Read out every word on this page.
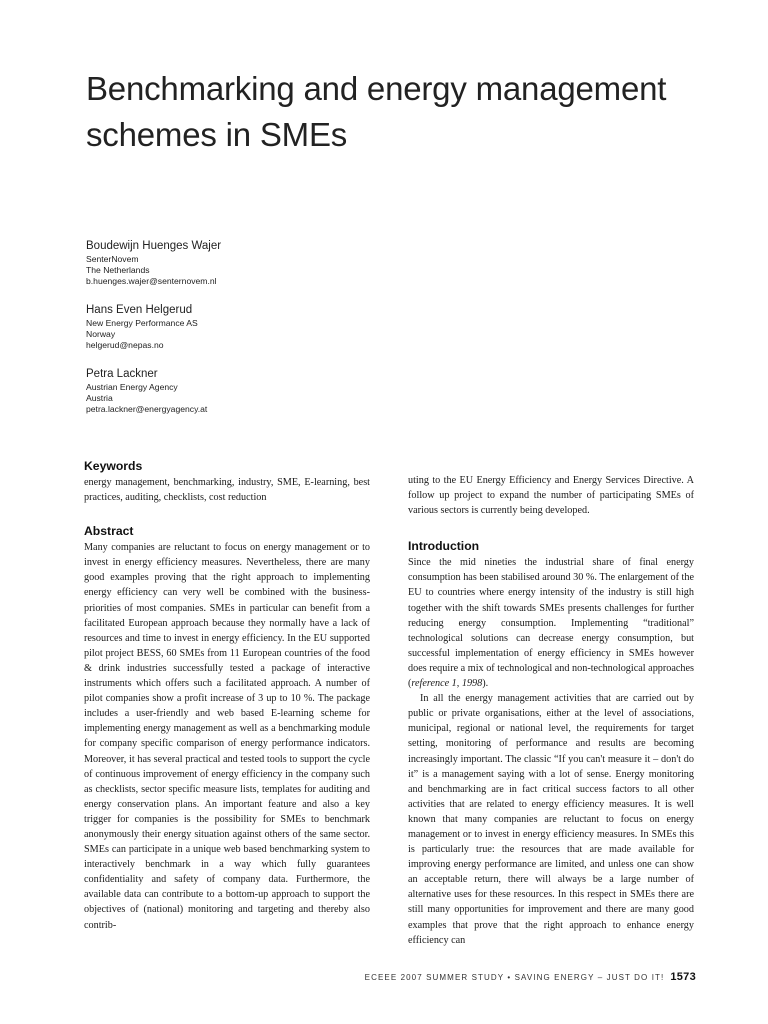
Benchmarking and energy management schemes in SMEs

Boudewijn Huenges Wajer

SenterNovem

The Netherlands

b.huenges.wajer@senternovem.nl

Hans Even Helgerud

New Energy Performance AS

Norway

helgerud@nepas.no

Petra Lackner

Austrian Energy Agency

Austria

petra.lackner@energyagency.at

Keywords

energy management, benchmarking, industry, SME, E-learning, best practices, auditing, checklists, cost reduction

Abstract

Many companies are reluctant to focus on energy management or to invest in energy efficiency measures. Nevertheless, there are many good examples proving that the right approach to implementing energy efficiency can very well be combined with the business-priorities of most companies. SMEs in particular can benefit from a facilitated European approach because they normally have a lack of resources and time to invest in energy efficiency. In the EU supported pilot project BESS, 60 SMEs from 11 European countries of the food & drink industries successfully tested a package of interactive instruments which offers such a facilitated approach. A number of pilot companies show a profit increase of 3 up to 10 %. The package includes a user-friendly and web based E-learning scheme for implementing energy management as well as a benchmarking module for company specific comparison of energy performance indicators. Moreover, it has several practical and tested tools to support the cycle of continuous improvement of energy efficiency in the company such as checklists, sector specific measure lists, templates for auditing and energy conservation plans. An important feature and also a key trigger for companies is the possibility for SMEs to benchmark anonymously their energy situation against others of the same sector. SMEs can participate in a unique web based benchmarking system to interactively benchmark in a way which fully guarantees confidentiality and safety of company data. Furthermore, the available data can contribute to a bottom-up approach to support the objectives of (national) monitoring and targeting and thereby also contrib-

uting to the EU Energy Efficiency and Energy Services Directive. A follow up project to expand the number of participating SMEs of various sectors is currently being developed.

Introduction

Since the mid nineties the industrial share of final energy consumption has been stabilised around 30 %. The enlargement of the EU to countries where energy intensity of the industry is still high together with the shift towards SMEs presents challenges for further reducing energy consumption. Implementing “traditional” technological solutions can decrease energy consumption, but successful implementation of energy efficiency in SMEs however does require a mix of technological and non-technological approaches (reference 1, 1998).

In all the energy management activities that are carried out by public or private organisations, either at the level of associations, municipal, regional or national level, the requirements for target setting, monitoring of performance and results are becoming increasingly important. The classic “If you can't measure it – don't do it” is a management saying with a lot of sense. Energy monitoring and benchmarking are in fact critical success factors to all other activities that are related to energy efficiency measures. It is well known that many companies are reluctant to focus on energy management or to invest in energy efficiency measures. In SMEs this is particularly true: the resources that are made available for improving energy performance are limited, and unless one can show an acceptable return, there will always be a large number of alternative uses for these resources. In this respect in SMEs there are still many opportunities for improvement and there are many good examples that prove that the right approach to enhance energy efficiency can

ECEEE 2007 SUMMER STUDY • SAVING ENERGY – JUST DO IT! 1573
